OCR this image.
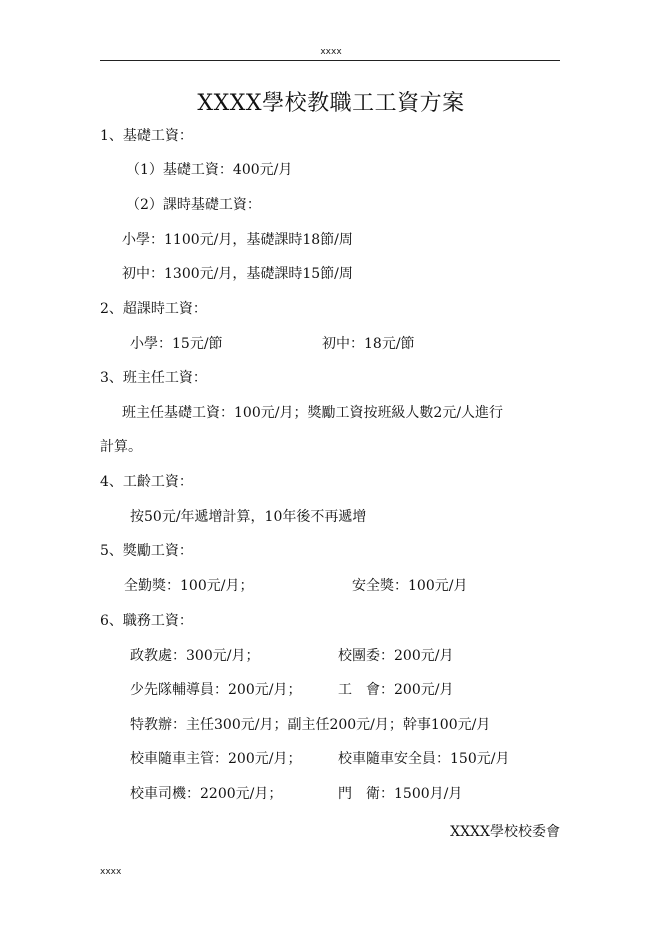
xxxx
XXXX學校教職工工資方案
1、基礎工資：
（1）基礎工資：400元/月
（2）課時基礎工資：
小學：1100元/月，基礎課時18節/周
初中：1300元/月，基礎課時15節/周
2、超課時工資：
小學：15元/節	初中：18元/節
3、班主任工資：
班主任基礎工資：100元/月；獎勵工資按班級人數2元/人進行
計算。
4、工齡工資：
按50元/年遞增計算，10年後不再遞增
5、獎勵工資：
全勤獎：100元/月；	安全獎：100元/月
6、職務工資：
政教處：300元/月；	校團委：200元/月
少先隊輔導員：200元/月；	工　會：200元/月
特教辦：主任300元/月；副主任200元/月；幹事100元/月
校車隨車主管：200元/月；	校車隨車安全員：150元/月
校車司機：2200元/月；	門　衛：1500月/月
XXXX學校校委會
xxxx
